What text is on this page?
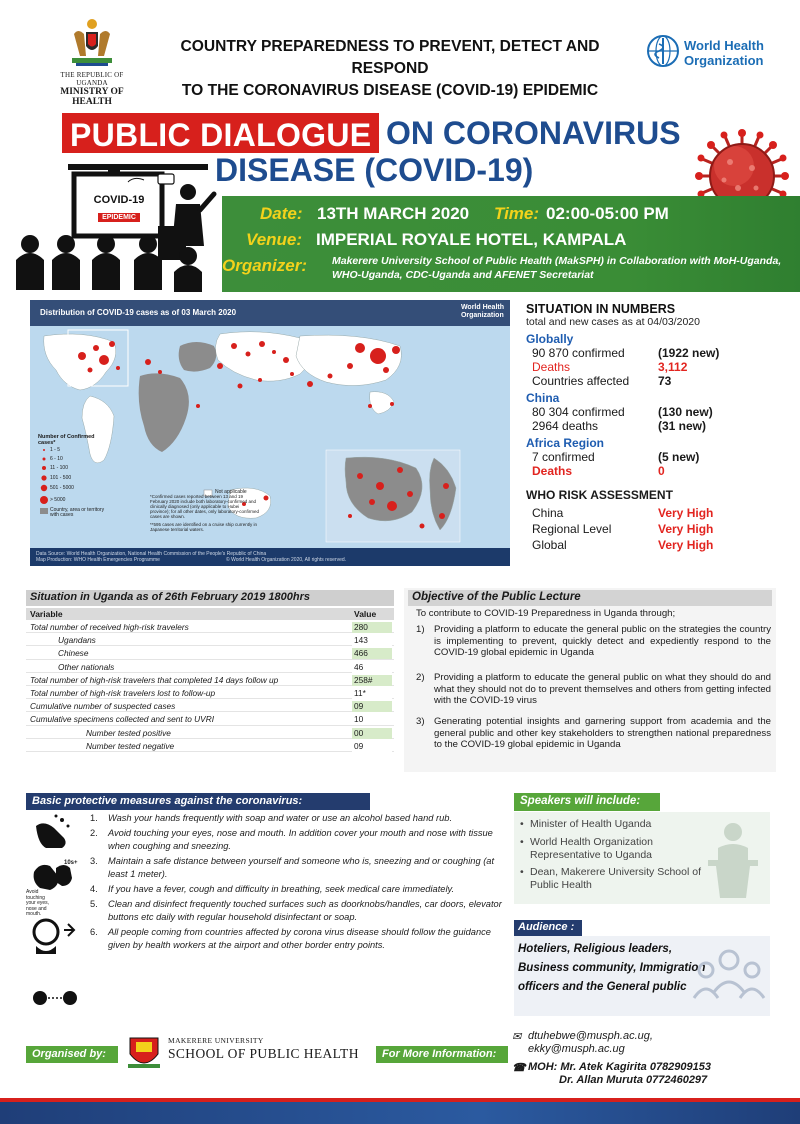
THE REPUBLIC OF UGANDA
MINISTRY OF HEALTH
COUNTRY PREPAREDNESS TO PREVENT, DETECT AND RESPOND
TO THE CORONAVIRUS DISEASE (COVID-19) EPIDEMIC
World Health
Organization
PUBLIC DIALOGUE ON CORONAVIRUS
DISEASE (COVID-19)
COVID-19
EPIDEMIC	Date: 13TH MARCH 2020 Time: 02:00-05:00 PM
Venue: IMPERIAL ROYALE HOTEL, KAMPALA
Organizer: Makerere University School of Public Health (MakSPH) in Collaboration with MoH-Uganda, WHO-Uganda, CDC-Uganda and AFENET Secretariat
Distribution of COVID-19 cases as of 03 March 2020
World Health
Organization
Number of Confirmed cases*
1 - 5
6 - 10
11 - 100
101 - 500
501 - 5000
> 5000
Country, area or territory with cases
*Confirmed cases reported between 13 and 19 February 2020 include both laboratory-confirmed and clinically diagnosed (only applicable to Hubei province); for all other dates, only laboratory-confirmed cases are shown.
**595 cases are identified on a cruise ship currently in Japanese territorial waters.
Not applicable
Data Source: World Health Organization, National Health Commission of the People's Republic of China
Map Production: WHO Health Emergencies Programme	© World Health Organization 2020, All rights reserved.
SITUATION IN NUMBERS
total and new cases as at 04/03/2020
Globally
90 870 confirmed	(1922 new)
Deaths	3,112
Countries affected 73
China
80 304 confirmed	(130 new)
2964 deaths	(31 new)
Africa Region
7 confirmed	(5 new)
Deaths	0
WHO RISK ASSESSMENT
China	Very High
Regional Level	Very High
Global	Very High
Situation in Uganda as of 26th February 2019 1800hrs
Variable	Value
Total number of received high-risk travelers	280
Ugandans	143
Chinese	466
Other nationals	46
Total number of high-risk travelers that completed 14 days follow up	258#
Total number of high-risk travelers lost to follow-up	11*
Cumulative number of suspected cases	09
Cumulative specimens collected and sent to UVRI	10
Number tested positive	00
Number tested negative	09
Objective of the Public Lecture
To contribute to COVID-19 Preparedness in Uganda through;
1) Providing a platform to educate the general public on the strategies the country is implementing to prevent, quickly detect and expediently respond to the COVID-19 global epidemic in Uganda
2) Providing a platform to educate the general public on what they should do and what they should not do to prevent themselves and others from getting infected with the COVID-19 virus
3) Generating potential insights and garnering support from academia and the general public and other key stakeholders to strengthen national preparedness to the COVID-19 global epidemic in Uganda
Basic protective measures against the coronavirus:
Avoid touching your eyes, nose and mouth.
10s+
1. Wash your hands frequently with soap and water or use an alcohol based hand rub.
2. Avoid touching your eyes, nose and mouth. In addition cover your mouth and nose with tissue when coughing and sneezing.
3. Maintain a safe distance between yourself and someone who is, sneezing and or coughing (at least 1 meter).
4. If you have a fever, cough and difficulty in breathing, seek medical care immediately.
5. Clean and disinfect frequently touched surfaces such as doorknobs/handles, car doors, elevator buttons etc daily with regular household disinfectant or soap.
6. All people coming from countries affected by corona virus disease should follow the guidance given by health workers at the airport and other border entry points.
Speakers will include:
• Minister of Health Uganda
• World Health Organization Representative to Uganda
• Dean, Makerere University School of Public Health
Audience :
Hoteliers, Religious leaders, Business community, Immigration officers and the General public
Organised by:
MAKERERE UNIVERSITY
SCHOOL OF PUBLIC HEALTH	For More Information:
✉ dtuhebwe@musph.ac.ug,
ekky@musph.ac.ug
☎ MOH: Mr. Atek Kagirita 0782909153
Dr. Allan Muruta 0772460297
